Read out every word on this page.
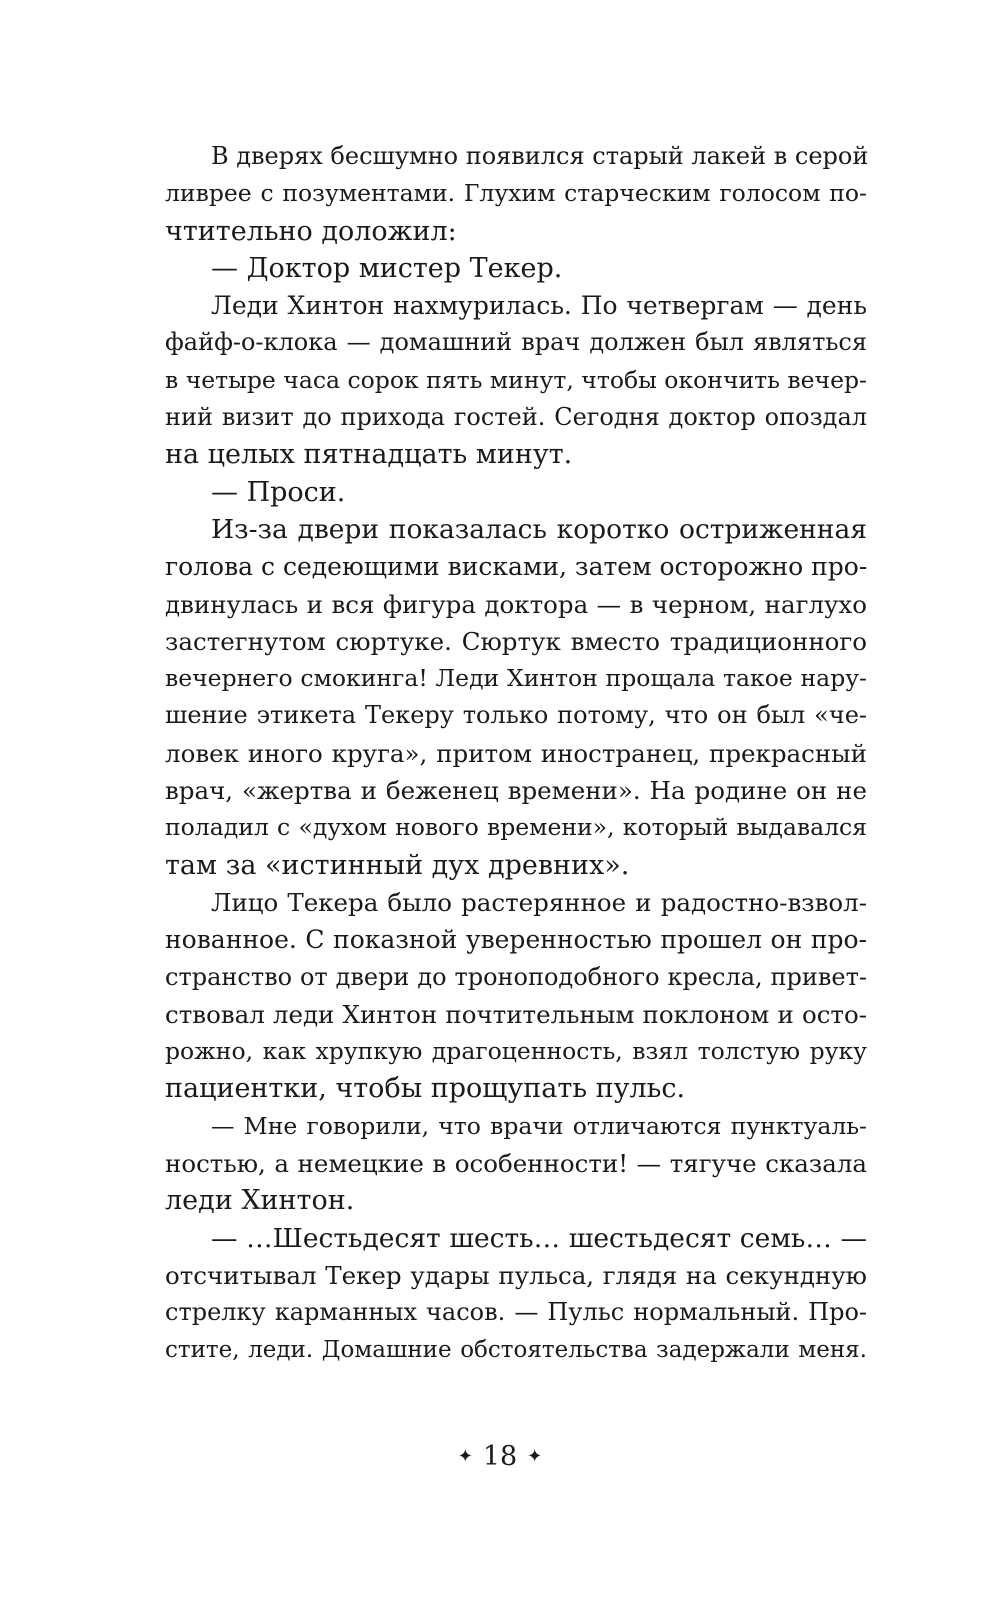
В дверях бесшумно появился старый лакей в серой
ливрее с позументами. Глухим старческим голосом по-
чтительно доложил:
— Доктор мистер Текер.
Леди Хинтон нахмурилась. По четвергам — день
файф-о-клока — домашний врач должен был являться
в четыре часа сорок пять минут, чтобы окончить вечер-
ний визит до прихода гостей. Сегодня доктор опоздал
на целых пятнадцать минут.
— Проси.
Из-за двери показалась коротко остриженная
голова с седеющими висками, затем осторожно про-
двинулась и вся фигура доктора — в черном, наглухо
застегнутом сюртуке. Сюртук вместо традиционного
вечернего смокинга! Леди Хинтон прощала такое нару-
шение этикета Текеру только потому, что он был «че-
ловек иного круга», притом иностранец, прекрасный
врач, «жертва и беженец времени». На родине он не
поладил с «духом нового времени», который выдавался
там за «истинный дух древних».
Лицо Текера было растерянное и радостно-взвол-
нованное. С показной уверенностью прошел он про-
странство от двери до троноподобного кресла, привет-
ствовал леди Хинтон почтительным поклоном и осто-
рожно, как хрупкую драгоценность, взял толстую руку
пациентки, чтобы прощупать пульс.
— Мне говорили, что врачи отличаются пунктуаль-
ностью, а немецкие в особенности! — тягуче сказала
леди Хинтон.
— …Шестьдесят шесть… шестьдесят семь… —
отсчитывал Текер удары пульса, глядя на секундную
стрелку карманных часов. — Пульс нормальный. Про-
стите, леди. Домашние обстоятельства задержали меня.
✦ 18 ✦
